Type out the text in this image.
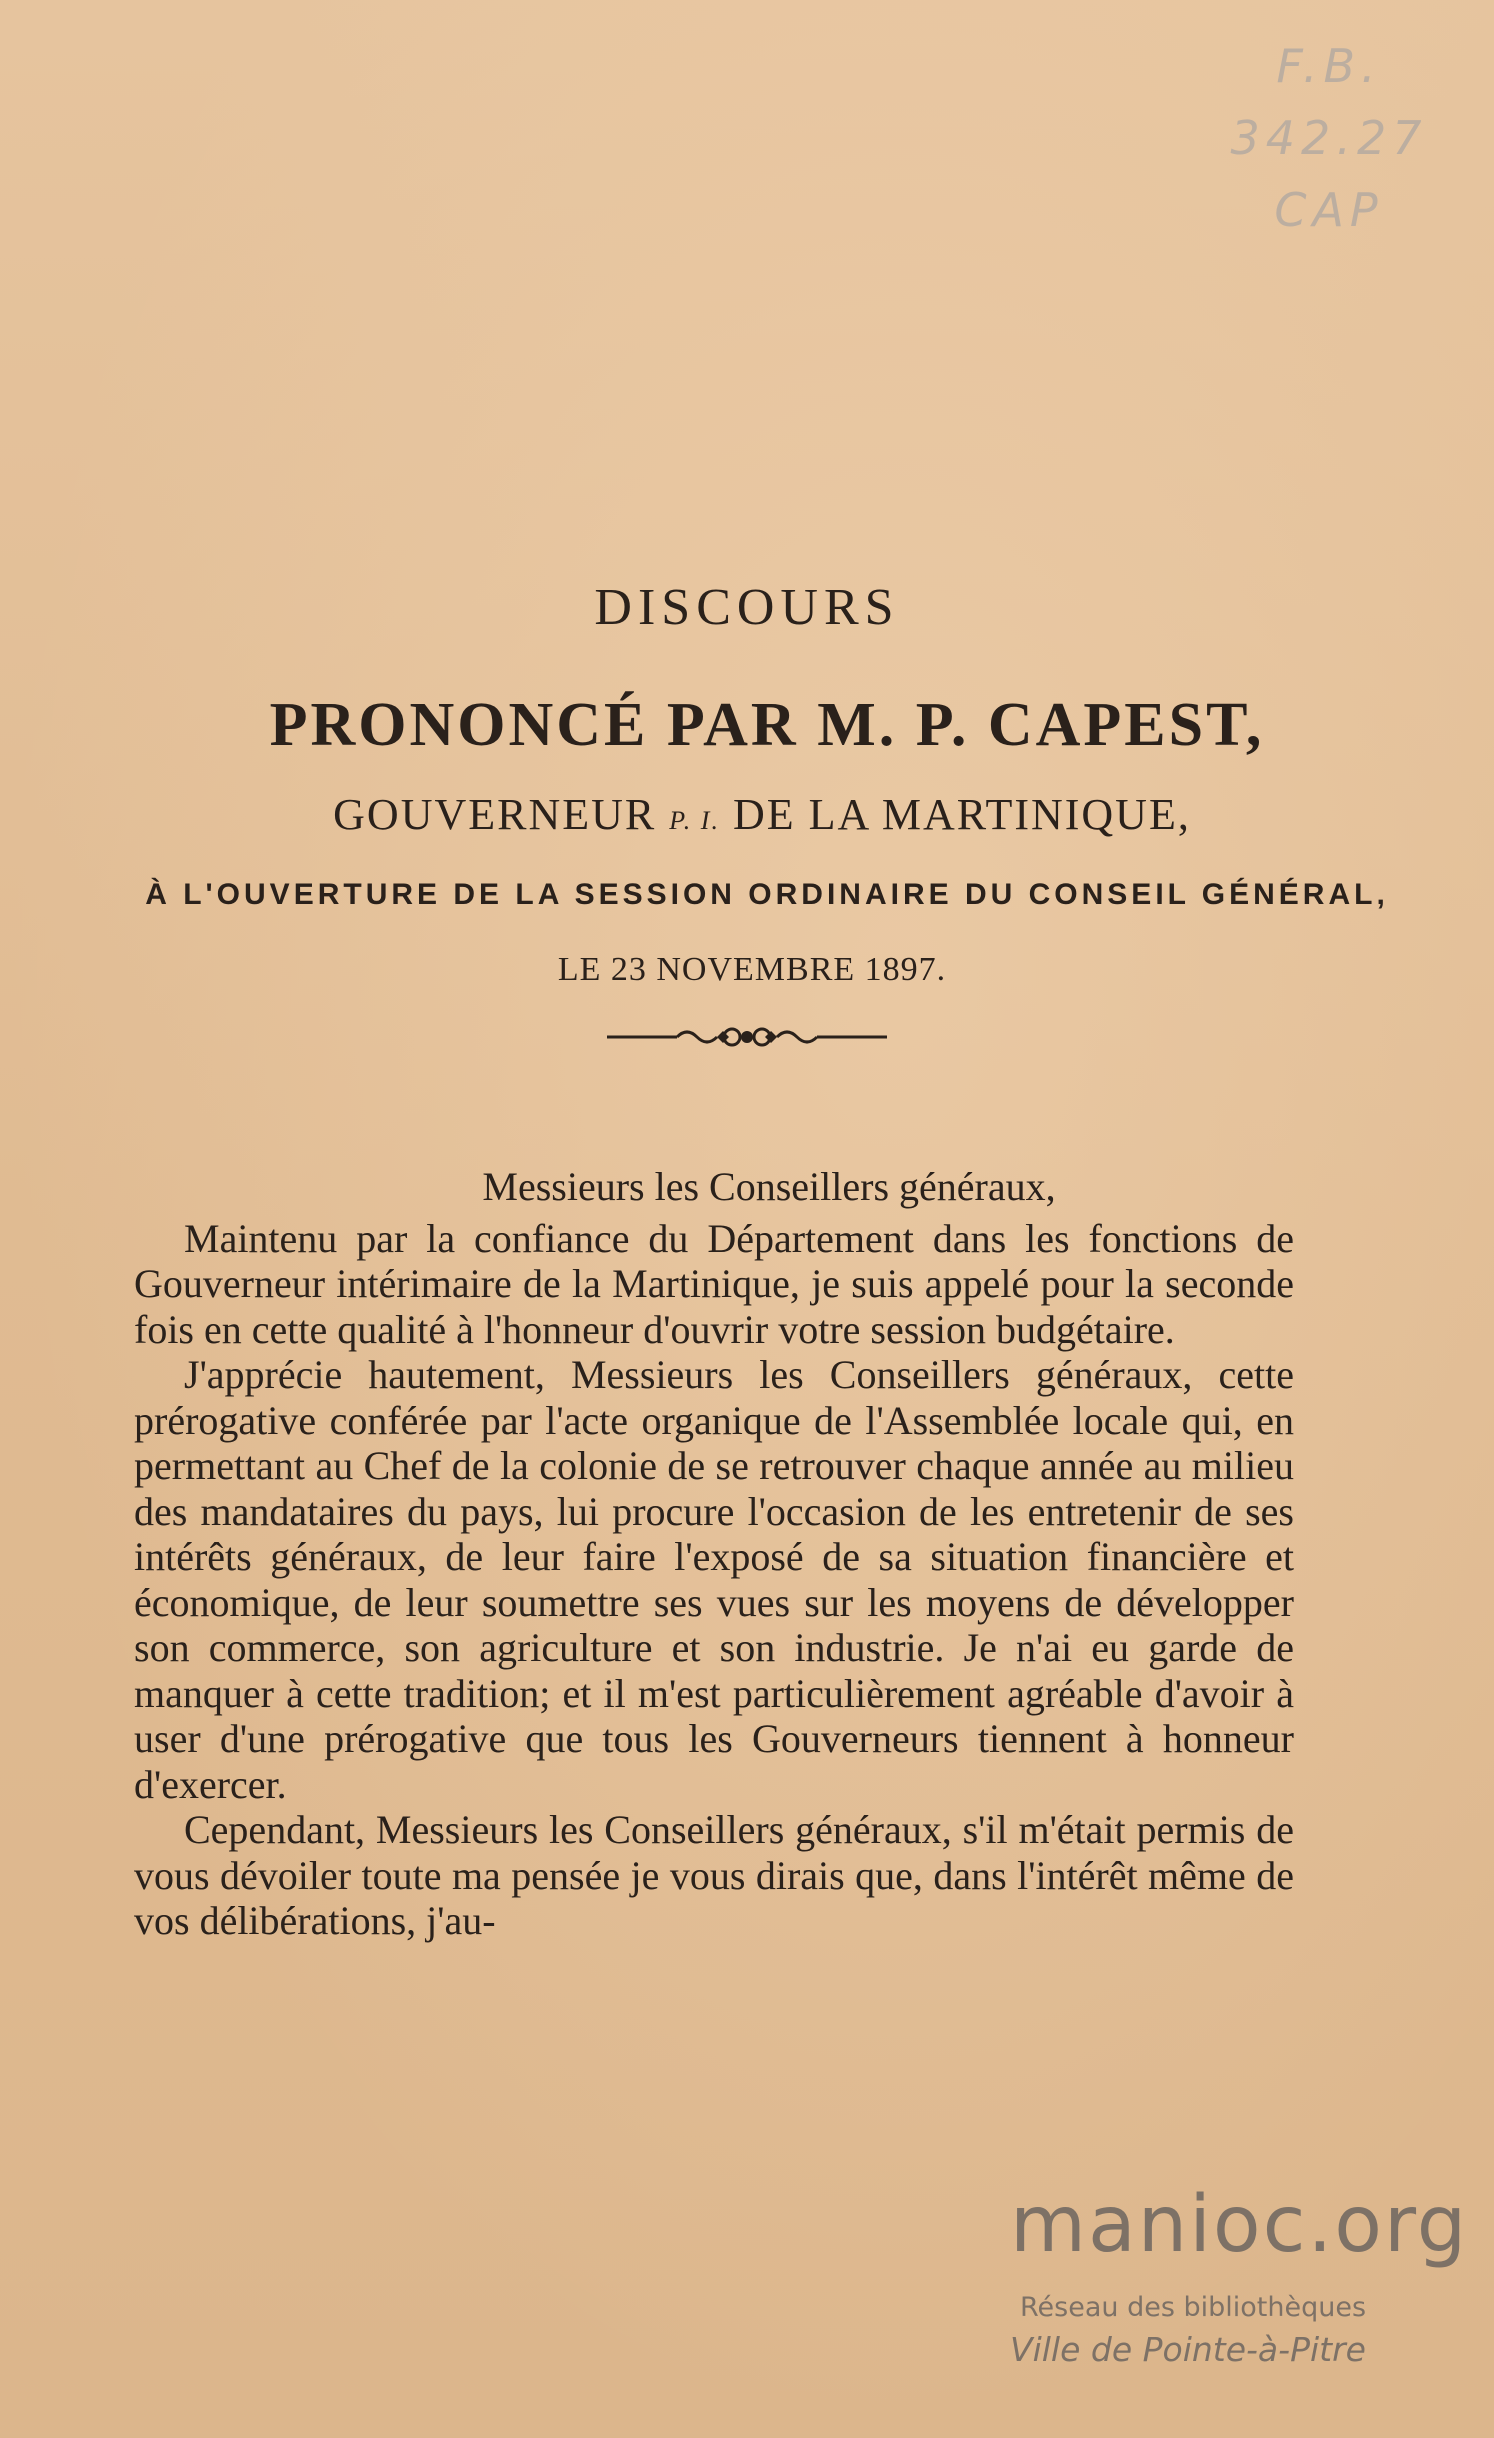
F.B.
342.27
CAP
DISCOURS
PRONONCÉ PAR M. P. CAPEST,
GOUVERNEUR P. I. DE LA MARTINIQUE,
À L'OUVERTURE DE LA SESSION ORDINAIRE DU CONSEIL GÉNÉRAL,
LE 23 NOVEMBRE 1897.
Messieurs les Conseillers généraux,

Maintenu par la confiance du Département dans les fonctions de Gouverneur intérimaire de la Martinique, je suis appelé pour la seconde fois en cette qualité à l'honneur d'ouvrir votre session budgétaire.

J'apprécie hautement, Messieurs les Conseillers généraux, cette prérogative conférée par l'acte organique de l'Assemblée locale qui, en permettant au Chef de la colonie de se retrouver chaque année au milieu des mandataires du pays, lui procure l'occasion de les entretenir de ses intérêts généraux, de leur faire l'exposé de sa situation financière et économique, de leur soumettre ses vues sur les moyens de développer son commerce, son agriculture et son industrie. Je n'ai eu garde de manquer à cette tradition; et il m'est particulièrement agréable d'avoir à user d'une prérogative que tous les Gouverneurs tiennent à honneur d'exercer.

Cependant, Messieurs les Conseillers généraux, s'il m'était permis de vous dévoiler toute ma pensée je vous dirais que, dans l'intérêt même de vos délibérations, j'au-

manioc.org
Réseau des bibliothèques
Ville de Pointe-à-Pitre
